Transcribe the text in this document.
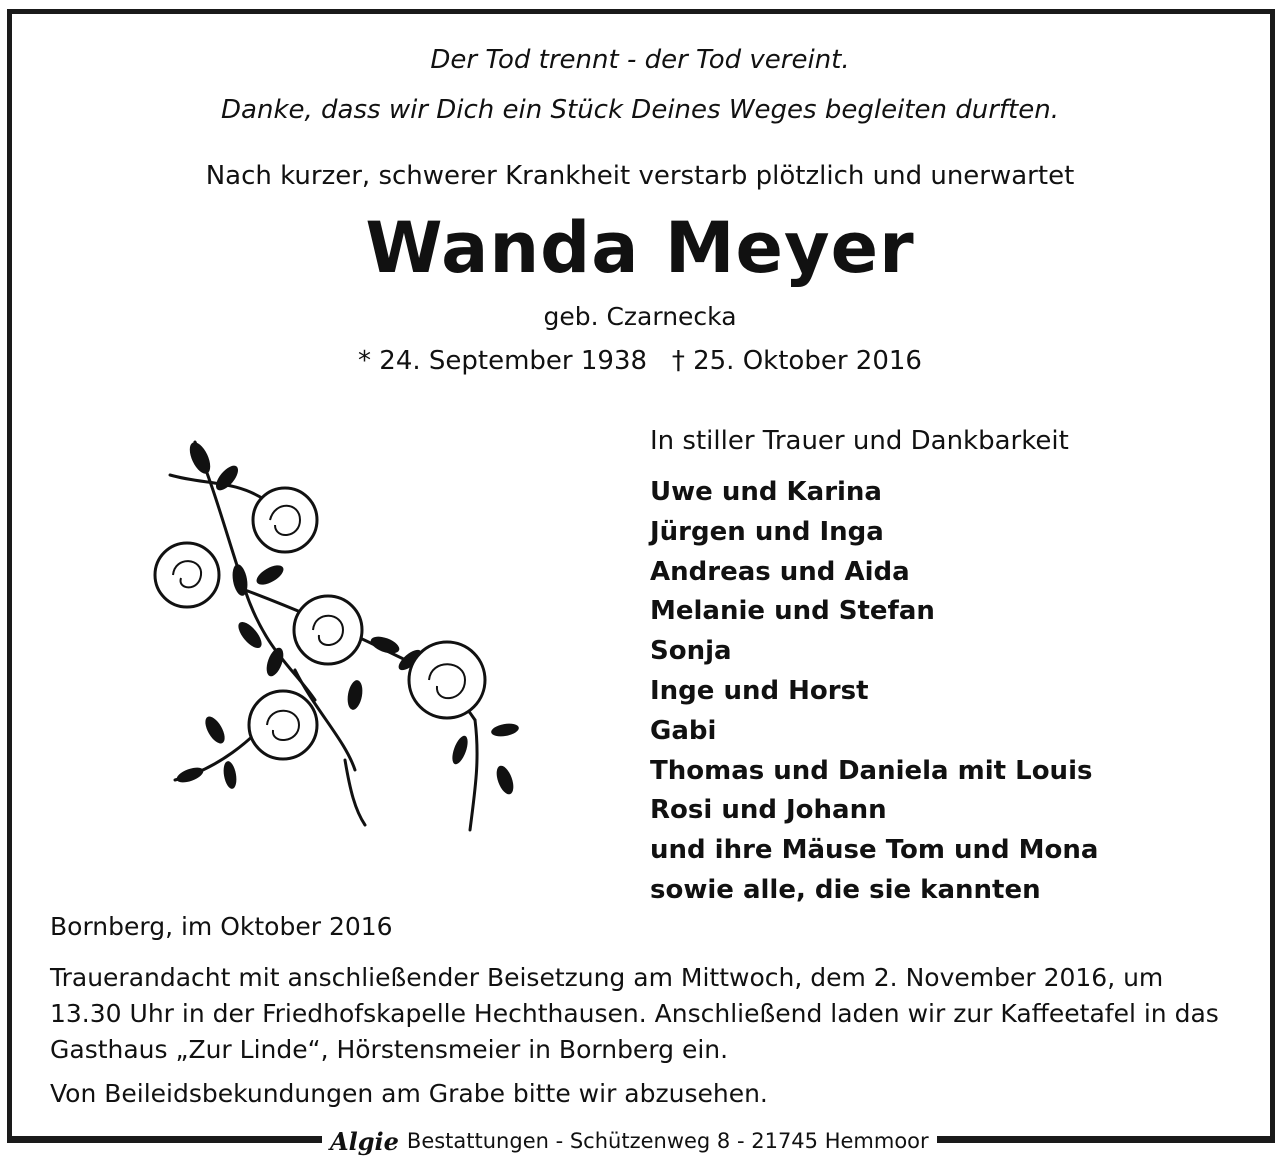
Der Tod trennt - der Tod vereint.
Danke, dass wir Dich ein Stück Deines Weges begleiten durften.
Nach kurzer, schwerer Krankheit verstarb plötzlich und unerwartet
Wanda Meyer
geb. Czarnecka
* 24. September 1938   † 25. Oktober 2016
In stiller Trauer und Dankbarkeit
Uwe und Karina
Jürgen und Inga
Andreas und Aida
Melanie und Stefan
Sonja
Inge und Horst
Gabi
Thomas und Daniela mit Louis
Rosi und Johann
und ihre Mäuse Tom und Mona
sowie alle, die sie kannten
Bornberg, im Oktober 2016
Trauerandacht mit anschließender Beisetzung am Mittwoch, dem 2. November 2016, um 13.30 Uhr in der Friedhofskapelle Hechthausen. Anschließend laden wir zur Kaffeetafel in das Gasthaus „Zur Linde“, Hörstensmeier in Bornberg ein.
Von Beileidsbekundungen am Grabe bitte wir abzusehen.
Algie Bestattungen - Schützenweg 8 - 21745 Hemmoor
